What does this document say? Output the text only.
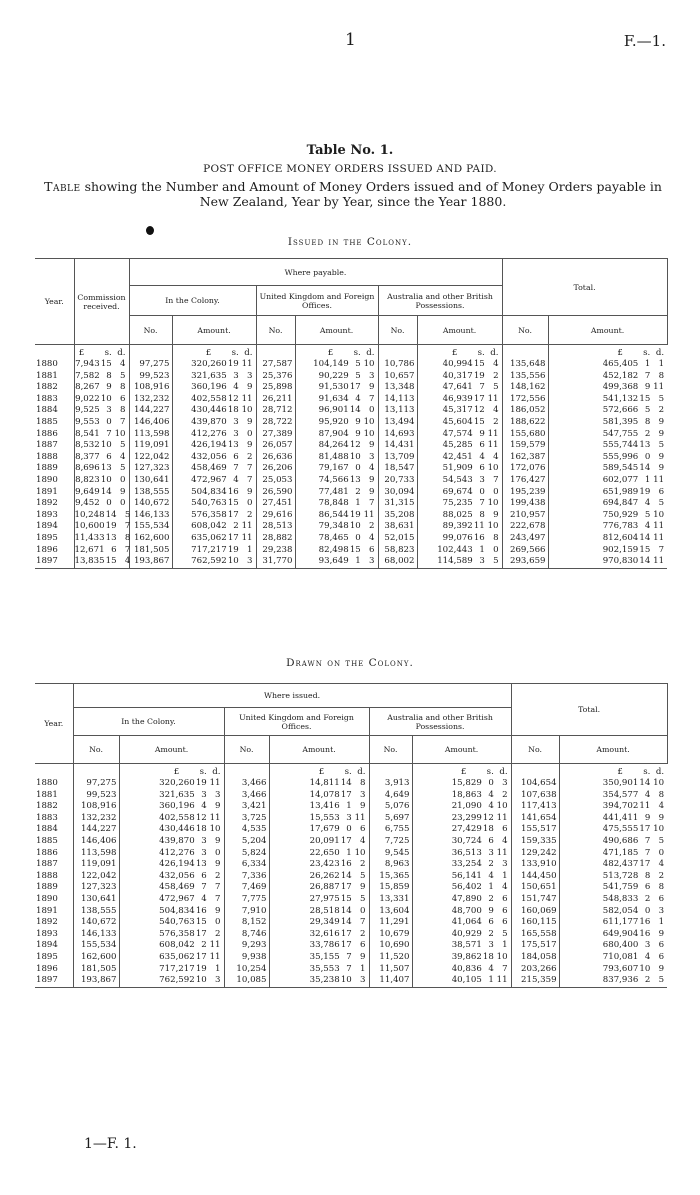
1	F.—1.
Table No. 1.
POST OFFICE MONEY ORDERS ISSUED AND PAID.
Table showing the Number and Amount of Money Orders issued and of Money Orders payable in New Zealand, Year by Year, since the Year 1880.
Issued in the Colony.
Year.	Commission received.	Where payable.						Total.	
		In the Colony.		United Kingdom and Foreign Offices.		Australia and other British Possessions.			
		No.	Amount.	No.	Amount.	No.	Amount.	No.	Amount.
	£ s. d.		£ s. d.		£ s. d.		£ s. d.		£ s. d.
1880	7,94315 4	97,275	320,26019 11	27,587	104,149 5 10	10,786	40,99415 4	135,648	465,405 1 1
1881	7,582 8 5	99,523	321,635 3 3	25,376	90,229 5 3	10,657	40,31719 2	135,556	452,182 7 8
1882	8,267 9 8	108,916	360,196 4 9	25,898	91,53017 9	13,348	47,641 7 5	148,162	499,368 9 11
1883	9,02210 6	132,232	402,55812 11	26,211	91,634 4 7	14,113	46,93917 11	172,556	541,13215 5
1884	9,525 3 8	144,227	430,44618 10	28,712	96,90114 0	13,113	45,31712 4	186,052	572,666 5 2
1885	9,553 0 7	146,406	439,870 3 9	28,722	95,920 9 10	13,494	45,60415 2	188,622	581,395 8 9
1886	8,541 7 10	113,598	412,276 3 0	27,389	87,904 9 10	14,693	47,574 9 11	155,680	547,755 2 9
1887	8,53210 5	119,091	426,19413 9	26,057	84,26412 9	14,431	45,285 6 11	159,579	555,74413 5
1888	8,377 6 4	122,042	432,056 6 2	26,636	81,48810 3	13,709	42,451 4 4	162,387	555,996 0 9
1889	8,69613 5	127,323	458,469 7 7	26,206	79,167 0 4	18,547	51,909 6 10	172,076	589,54514 9
1890	8,82310 0	130,641	472,967 4 7	25,053	74,56613 9	20,733	54,543 3 7	176,427	602,077 1 11
1891	9,64914 9	138,555	504,83416 9	26,590	77,481 2 9	30,094	69,674 0 0	195,239	651,98919 6
1892	9,452 0 0	140,672	540,76315 0	27,451	78,848 1 7	31,315	75,235 7 10	199,438	694,847 4 5
1893	10,24814 5	146,133	576,35817 2	29,616	86,54419 11	35,208	88,025 8 9	210,957	750,929 5 10
1894	10,60019 7	155,534	608,042 2 11	28,513	79,34810 2	38,631	89,39211 10	222,678	776,783 4 11
1895	11,43313 8	162,600	635,06217 11	28,882	78,465 0 4	52,015	99,07616 8	243,497	812,60414 11
1896	12,671 6 7	181,505	717,21719 1	29,238	82,49815 6	58,823	102,443 1 0	269,566	902,15915 7
1897	13,83515 4	193,867	762,59210 3	31,770	93,649 1 3	68,002	114,589 3 5	293,659	970,83014 11
Drawn on the Colony.
Year.	Where issued.						Total.	
	In the Colony.		United Kingdom and Foreign Offices.		Australia and other British Possessions.			
	No.	Amount.	No.	Amount.	No.	Amount.	No.	Amount.
		£ s. d.		£ s. d.		£ s. d.		£ s. d.
1880	97,275	320,26019 11	3,466	14,81114 8	3,913	15,829 0 3	104,654	350,90114 10
1881	99,523	321,635 3 3	3,466	14,07817 3	4,649	18,863 4 2	107,638	354,577 4 8
1882	108,916	360,196 4 9	3,421	13,416 1 9	5,076	21,090 4 10	117,413	394,70211 4
1883	132,232	402,55812 11	3,725	15,553 3 11	5,697	23,29912 11	141,654	441,411 9 9
1884	144,227	430,44618 10	4,535	17,679 0 6	6,755	27,42918 6	155,517	475,55517 10
1885	146,406	439,870 3 9	5,204	20,09117 4	7,725	30,724 6 4	159,335	490,686 7 5
1886	113,598	412,276 3 0	5,824	22,650 1 10	9,545	36,513 3 11	129,242	471,185 7 0
1887	119,091	426,19413 9	6,334	23,42316 2	8,963	33,254 2 3	133,910	482,43717 4
1888	122,042	432,056 6 2	7,336	26,26214 5	15,365	56,141 4 1	144,450	513,728 8 2
1889	127,323	458,469 7 7	7,469	26,88717 9	15,859	56,402 1 4	150,651	541,759 6 8
1890	130,641	472,967 4 7	7,775	27,97515 5	13,331	47,890 2 6	151,747	548,833 2 6
1891	138,555	504,83416 9	7,910	28,51814 0	13,604	48,700 9 6	160,069	582,054 0 3
1892	140,672	540,76315 0	8,152	29,34914 7	11,291	41,064 6 6	160,115	611,17716 1
1893	146,133	576,35817 2	8,746	32,61617 2	10,679	40,929 2 5	165,558	649,90416 9
1894	155,534	608,042 2 11	9,293	33,78617 6	10,690	38,571 3 1	175,517	680,400 3 6
1895	162,600	635,06217 11	9,938	35,155 7 9	11,520	39,86218 10	184,058	710,081 4 6
1896	181,505	717,21719 1	10,254	35,553 7 1	11,507	40,836 4 7	203,266	793,60710 9
1897	193,867	762,59210 3	10,085	35,23810 3	11,407	40,105 1 11	215,359	837,936 2 5
1—F. 1.
